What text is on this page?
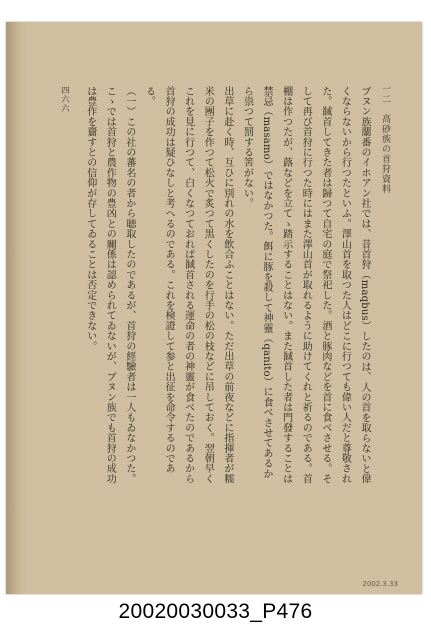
一二　高砂族の首狩資料

ブヌン族蘭番のイホアン社では、昔首狩（maqbus）したのは、人の首を取らないと偉くならないから行つたといふ。澤山首を取つた人はどこに行つても偉い人だと尊敬された。馘首してきた者は歸つて自宅の庭で祭祀した。酒と豚肉などを首に食べさせる。そして再び首狩に行つた時にはまた澤山首が取れるように助けてくれと祈るのである。首棚は作つたが、蕗などを立てゝ踏示することはない。また馘首した者は門發することは禁忌（masamo）ではなかつた。餌に豚を殺して神靈（qanito）に食べさせてあるから祟つて罰する筈がない。

出草に赴く時、互ひに別れの水を飲合ふことはない。ただ出草の前夜などに指揮者が糯米の團子を作つて松火で炙つて黒くしたのを行手の松の枝などに吊しておく。翌朝早くこれを見に行つて、白くなつておれば馘首される運命の者の神靈が食べたのであるから首狩の成功は疑ひなしと考へるのである。これを検證して参と出征を命令するのである。

（一）この社の蕃名の者から聴取したのであるが、首狩の經驗者は一人もゐなかつた。

こゝでは首狩と農作物の豊凶との關係は認められてゐないが、ブヌン族でも首狩の成功は豊作を齎すとの信仰が存してゐることは否定できない。

四六六
2002.3.33
20020030033_P476
